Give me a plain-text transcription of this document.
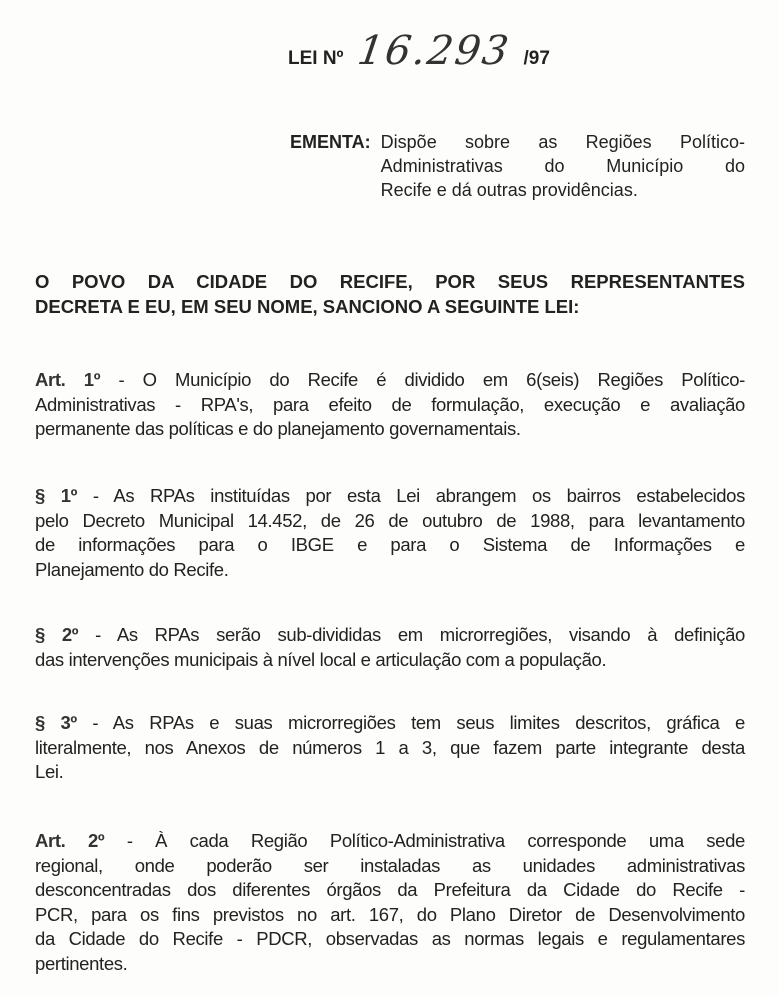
LEI Nº 16.293 /97
EMENTA: Dispõe sobre as Regiões Político-
Administrativas do Município do
Recife e dá outras providências.
O POVO DA CIDADE DO RECIFE, POR SEUS REPRESENTANTES
DECRETA E EU, EM SEU NOME, SANCIONO A SEGUINTE LEI:
Art. 1º - O Município do Recife é dividido em 6(seis) Regiões Político-
Administrativas - RPA's, para efeito de formulação, execução e avaliação
permanente das políticas e do planejamento governamentais.
§ 1º - As RPAs instituídas por esta Lei abrangem os bairros estabelecidos
pelo Decreto Municipal 14.452, de 26 de outubro de 1988, para levantamento
de informações para o IBGE e para o Sistema de Informações e
Planejamento do Recife.
§ 2º - As RPAs serão sub-divididas em microrregiões, visando à definição
das intervenções municipais à nível local e articulação com a população.
§ 3º - As RPAs e suas microrregiões tem seus limites descritos, gráfica e
literalmente, nos Anexos de números 1 a 3, que fazem parte integrante desta
Lei.
Art. 2º - À cada Região Político-Administrativa corresponde uma sede
regional, onde poderão ser instaladas as unidades administrativas
desconcentradas dos diferentes órgãos da Prefeitura da Cidade do Recife -
PCR, para os fins previstos no art. 167, do Plano Diretor de Desenvolvimento
da Cidade do Recife - PDCR, observadas as normas legais e regulamentares
pertinentes.
